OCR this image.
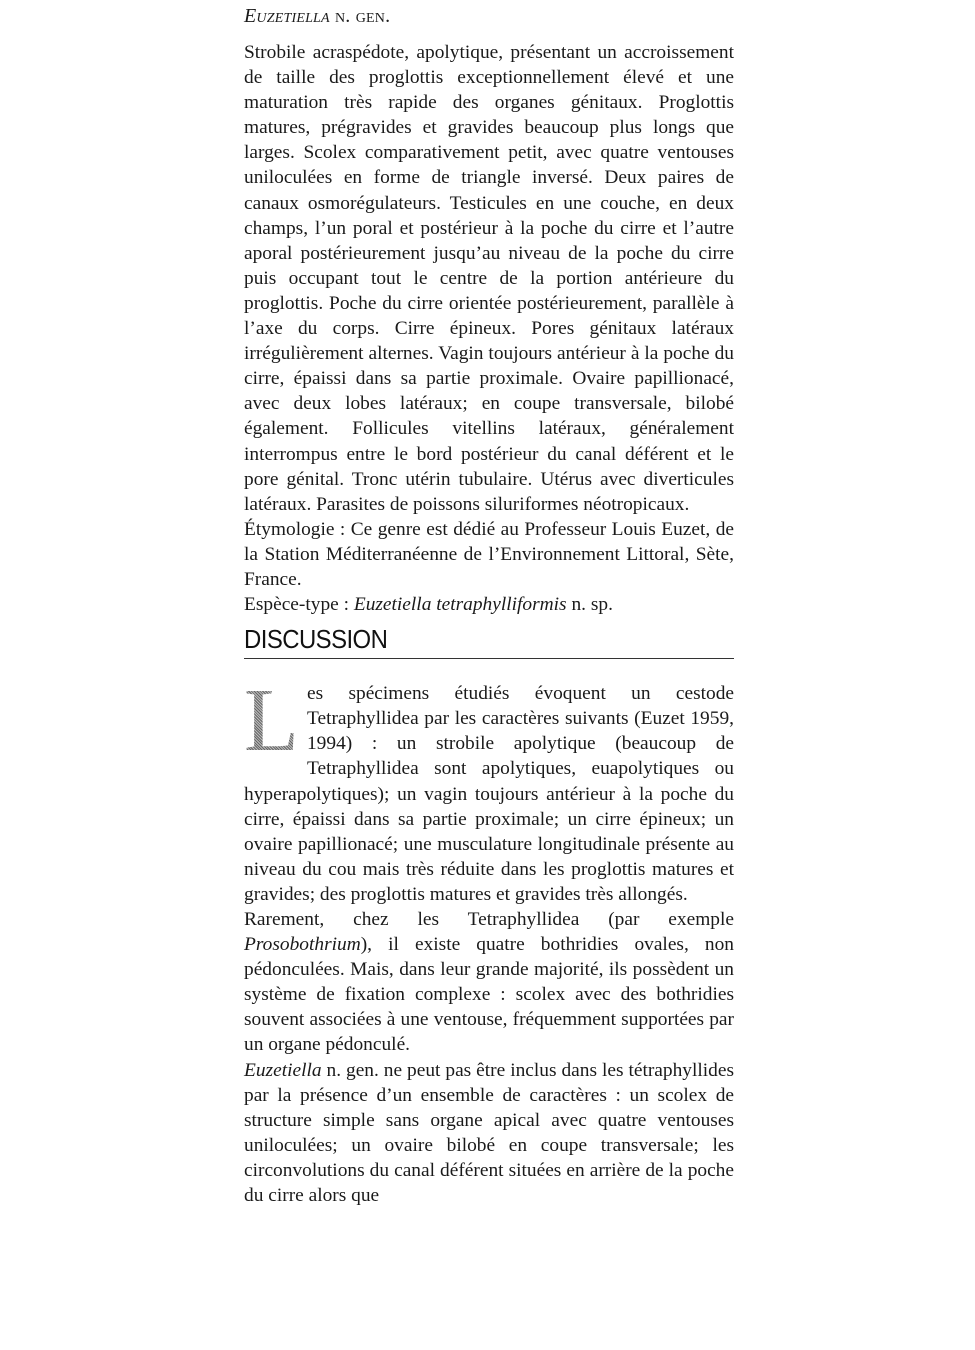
Euzetiella n. gen.

Strobile acraspédote, apolytique, présentant un accroissement de taille des proglottis exceptionnellement élevé et une maturation très rapide des organes génitaux. Proglottis matures, prégravides et gravides beaucoup plus longs que larges. Scolex comparativement petit, avec quatre ventouses uniloculées en forme de triangle inversé. Deux paires de canaux osmorégulateurs. Testicules en une couche, en deux champs, l’un poral et postérieur à la poche du cirre et l’autre aporal postérieurement jusqu’au niveau de la poche du cirre puis occupant tout le centre de la portion antérieure du proglottis. Poche du cirre orientée postérieurement, parallèle à l’axe du corps. Cirre épineux. Pores génitaux latéraux irrégulièrement alternes. Vagin toujours antérieur à la poche du cirre, épaissi dans sa partie proximale. Ovaire papillionacé, avec deux lobes latéraux; en coupe transversale, bilobé également. Follicules vitellins latéraux, généralement interrompus entre le bord postérieur du canal déférent et le pore génital. Tronc utérin tubulaire. Utérus avec diverticules latéraux. Parasites de poissons siluriformes néotropicaux.

Étymologie : Ce genre est dédié au Professeur Louis Euzet, de la Station Méditerranéenne de l’Environnement Littoral, Sète, France.

Espèce-type : Euzetiella tetraphylliformis n. sp.

DISCUSSION

L es spécimens étudiés évoquent un cestode Tetraphyllidea par les caractères suivants (Euzet 1959, 1994) : un strobile apolytique (beaucoup de Tetraphyllidea sont apolytiques, euapolytiques ou hyperapolytiques); un vagin toujours antérieur à la poche du cirre, épaissi dans sa partie proximale; un cirre épineux; un ovaire papillionacé; une musculature longitudinale présente au niveau du cou mais très réduite dans les proglottis matures et gravides; des proglottis matures et gravides très allongés.

Rarement, chez les Tetraphyllidea (par exemple Prosobothrium), il existe quatre bothridies ovales, non pédonculées. Mais, dans leur grande majorité, ils possèdent un système de fixation complexe : scolex avec des bothridies souvent associées à une ventouse, fréquemment supportées par un organe pédonculé.

Euzetiella n. gen. ne peut pas être inclus dans les tétraphyllides par la présence d’un ensemble de caractères : un scolex de structure simple sans organe apical avec quatre ventouses uniloculées; un ovaire bilobé en coupe transversale; les circonvolutions du canal déférent situées en arrière de la poche du cirre alors que
